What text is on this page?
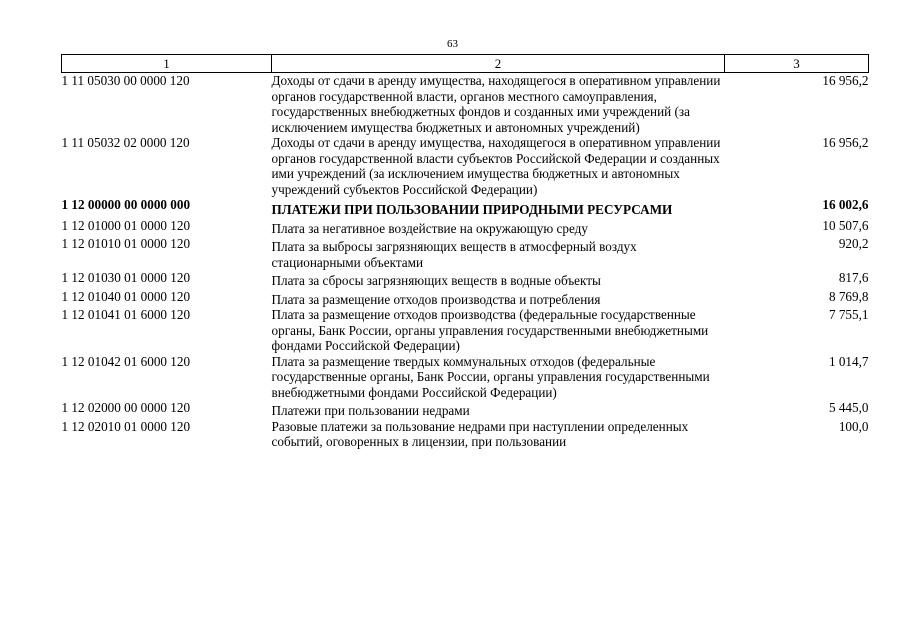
63
1	2	3
1 11 05030 00 0000 120	Доходы от сдачи в аренду имущества, находящегося в оперативном управлении органов государственной власти, органов местного самоуправления, государственных внебюджетных фондов и созданных ими учреждений (за исключением имущества бюджетных и автономных учреждений)	16 956,2
1 11 05032 02 0000 120	Доходы от сдачи в аренду имущества, находящегося в оперативном управлении органов государственной власти субъектов Российской Федерации и созданных ими учреждений (за исключением имущества бюджетных и автономных учреждений субъектов Российской Федерации)	16 956,2
1 12 00000 00 0000 000	ПЛАТЕЖИ ПРИ ПОЛЬЗОВАНИИ ПРИРОДНЫМИ РЕСУРСАМИ	16 002,6
1 12 01000 01 0000 120	Плата за негативное воздействие на окружающую среду	10 507,6
1 12 01010 01 0000 120	Плата за выбросы загрязняющих веществ в атмосферный воздух стационарными объектами	920,2
1 12 01030 01 0000 120	Плата за сбросы загрязняющих веществ в водные объекты	817,6
1 12 01040 01 0000 120	Плата за размещение отходов производства и потребления	8 769,8
1 12 01041 01 6000 120	Плата за размещение отходов производства (федеральные государственные органы, Банк России, органы управления государственными внебюджетными фондами Российской Федерации)	7 755,1
1 12 01042 01 6000 120	Плата за размещение твердых коммунальных отходов (федеральные государственные органы, Банк России, органы управления государственными внебюджетными фондами Российской Федерации)	1 014,7
1 12 02000 00 0000 120	Платежи при пользовании недрами	5 445,0
1 12 02010 01 0000 120	Разовые платежи за пользование недрами при наступлении определенных событий, оговоренных в лицензии, при пользовании	100,0
